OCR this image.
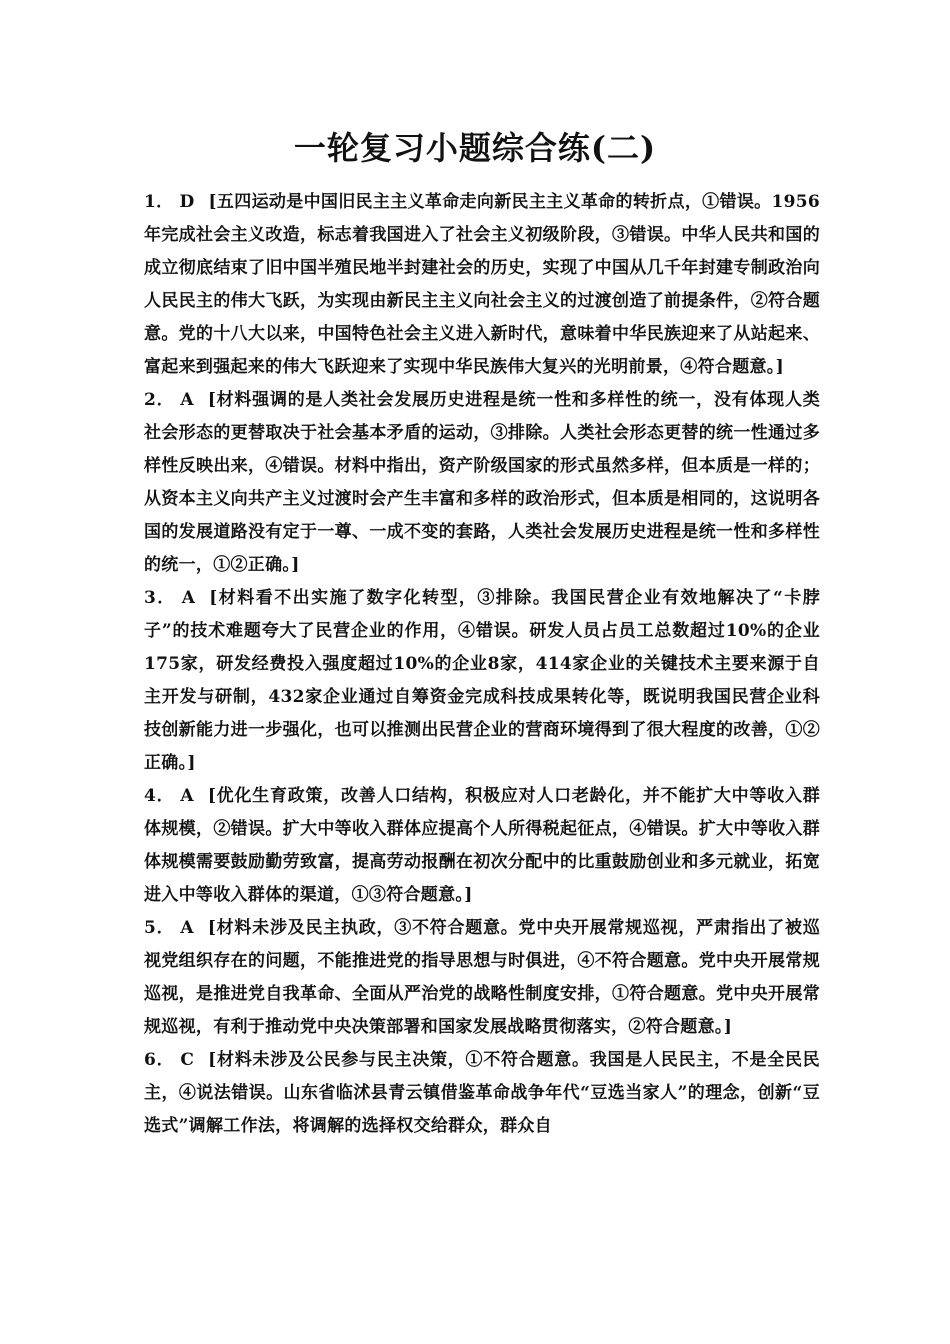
一轮复习小题综合练(二)

1． D [五四运动是中国旧民主主义革命走向新民主主义革命的转折点，①错误。1956年完成社会主义改造，标志着我国进入了社会主义初级阶段，③错误。中华人民共和国的成立彻底结束了旧中国半殖民地半封建社会的历史，实现了中国从几千年封建专制政治向人民民主的伟大飞跃，为实现由新民主主义向社会主义的过渡创造了前提条件，②符合题意。党的十八大以来，中国特色社会主义进入新时代，意味着中华民族迎来了从站起来、富起来到强起来的伟大飞跃迎来了实现中华民族伟大复兴的光明前景，④符合题意。]

2． A [材料强调的是人类社会发展历史进程是统一性和多样性的统一，没有体现人类社会形态的更替取决于社会基本矛盾的运动，③排除。人类社会形态更替的统一性通过多样性反映出来，④错误。材料中指出，资产阶级国家的形式虽然多样，但本质是一样的；从资本主义向共产主义过渡时会产生丰富和多样的政治形式，但本质是相同的，这说明各国的发展道路没有定于一尊、一成不变的套路，人类社会发展历史进程是统一性和多样性的统一，①②正确。]

3． A [材料看不出实施了数字化转型，③排除。我国民营企业有效地解决了“卡脖子”的技术难题夸大了民营企业的作用，④错误。研发人员占员工总数超过10%的企业175家，研发经费投入强度超过10%的企业8家，414家企业的关键技术主要来源于自主开发与研制，432家企业通过自筹资金完成科技成果转化等，既说明我国民营企业科技创新能力进一步强化，也可以推测出民营企业的营商环境得到了很大程度的改善，①②正确。]

4． A [优化生育政策，改善人口结构，积极应对人口老龄化，并不能扩大中等收入群体规模，②错误。扩大中等收入群体应提高个人所得税起征点，④错误。扩大中等收入群体规模需要鼓励勤劳致富，提高劳动报酬在初次分配中的比重鼓励创业和多元就业，拓宽进入中等收入群体的渠道，①③符合题意。]

5． A [材料未涉及民主执政，③不符合题意。党中央开展常规巡视，严肃指出了被巡视党组织存在的问题，不能推进党的指导思想与时俱进，④不符合题意。党中央开展常规巡视，是推进党自我革命、全面从严治党的战略性制度安排，①符合题意。党中央开展常规巡视，有利于推动党中央决策部署和国家发展战略贯彻落实，②符合题意。]

6． C [材料未涉及公民参与民主决策，①不符合题意。我国是人民民主，不是全民民主，④说法错误。山东省临沭县青云镇借鉴革命战争年代“豆选当家人”的理念，创新“豆选式”调解工作法，将调解的选择权交给群众，群众自
